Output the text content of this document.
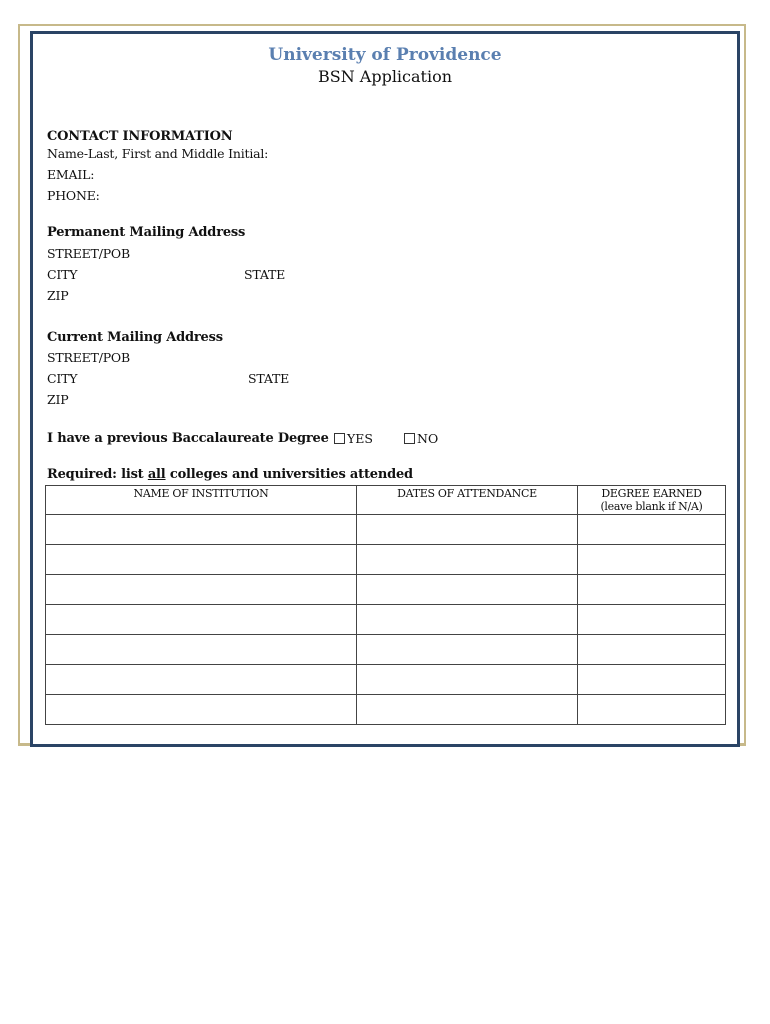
University of Providence
BSN Application
CONTACT INFORMATION
Name-Last, First and Middle Initial:
EMAIL:
PHONE:
Permanent Mailing Address
STREET/POB
CITY	STATE
ZIP
Current Mailing Address
STREET/POB
CITY	STATE
ZIP
I have a previous Baccalaureate Degree	YES	NO
Required: list all colleges and universities attended
NAME OF INSTITUTION	DATES OF ATTENDANCE	DEGREE EARNED
(leave blank if N/A)
